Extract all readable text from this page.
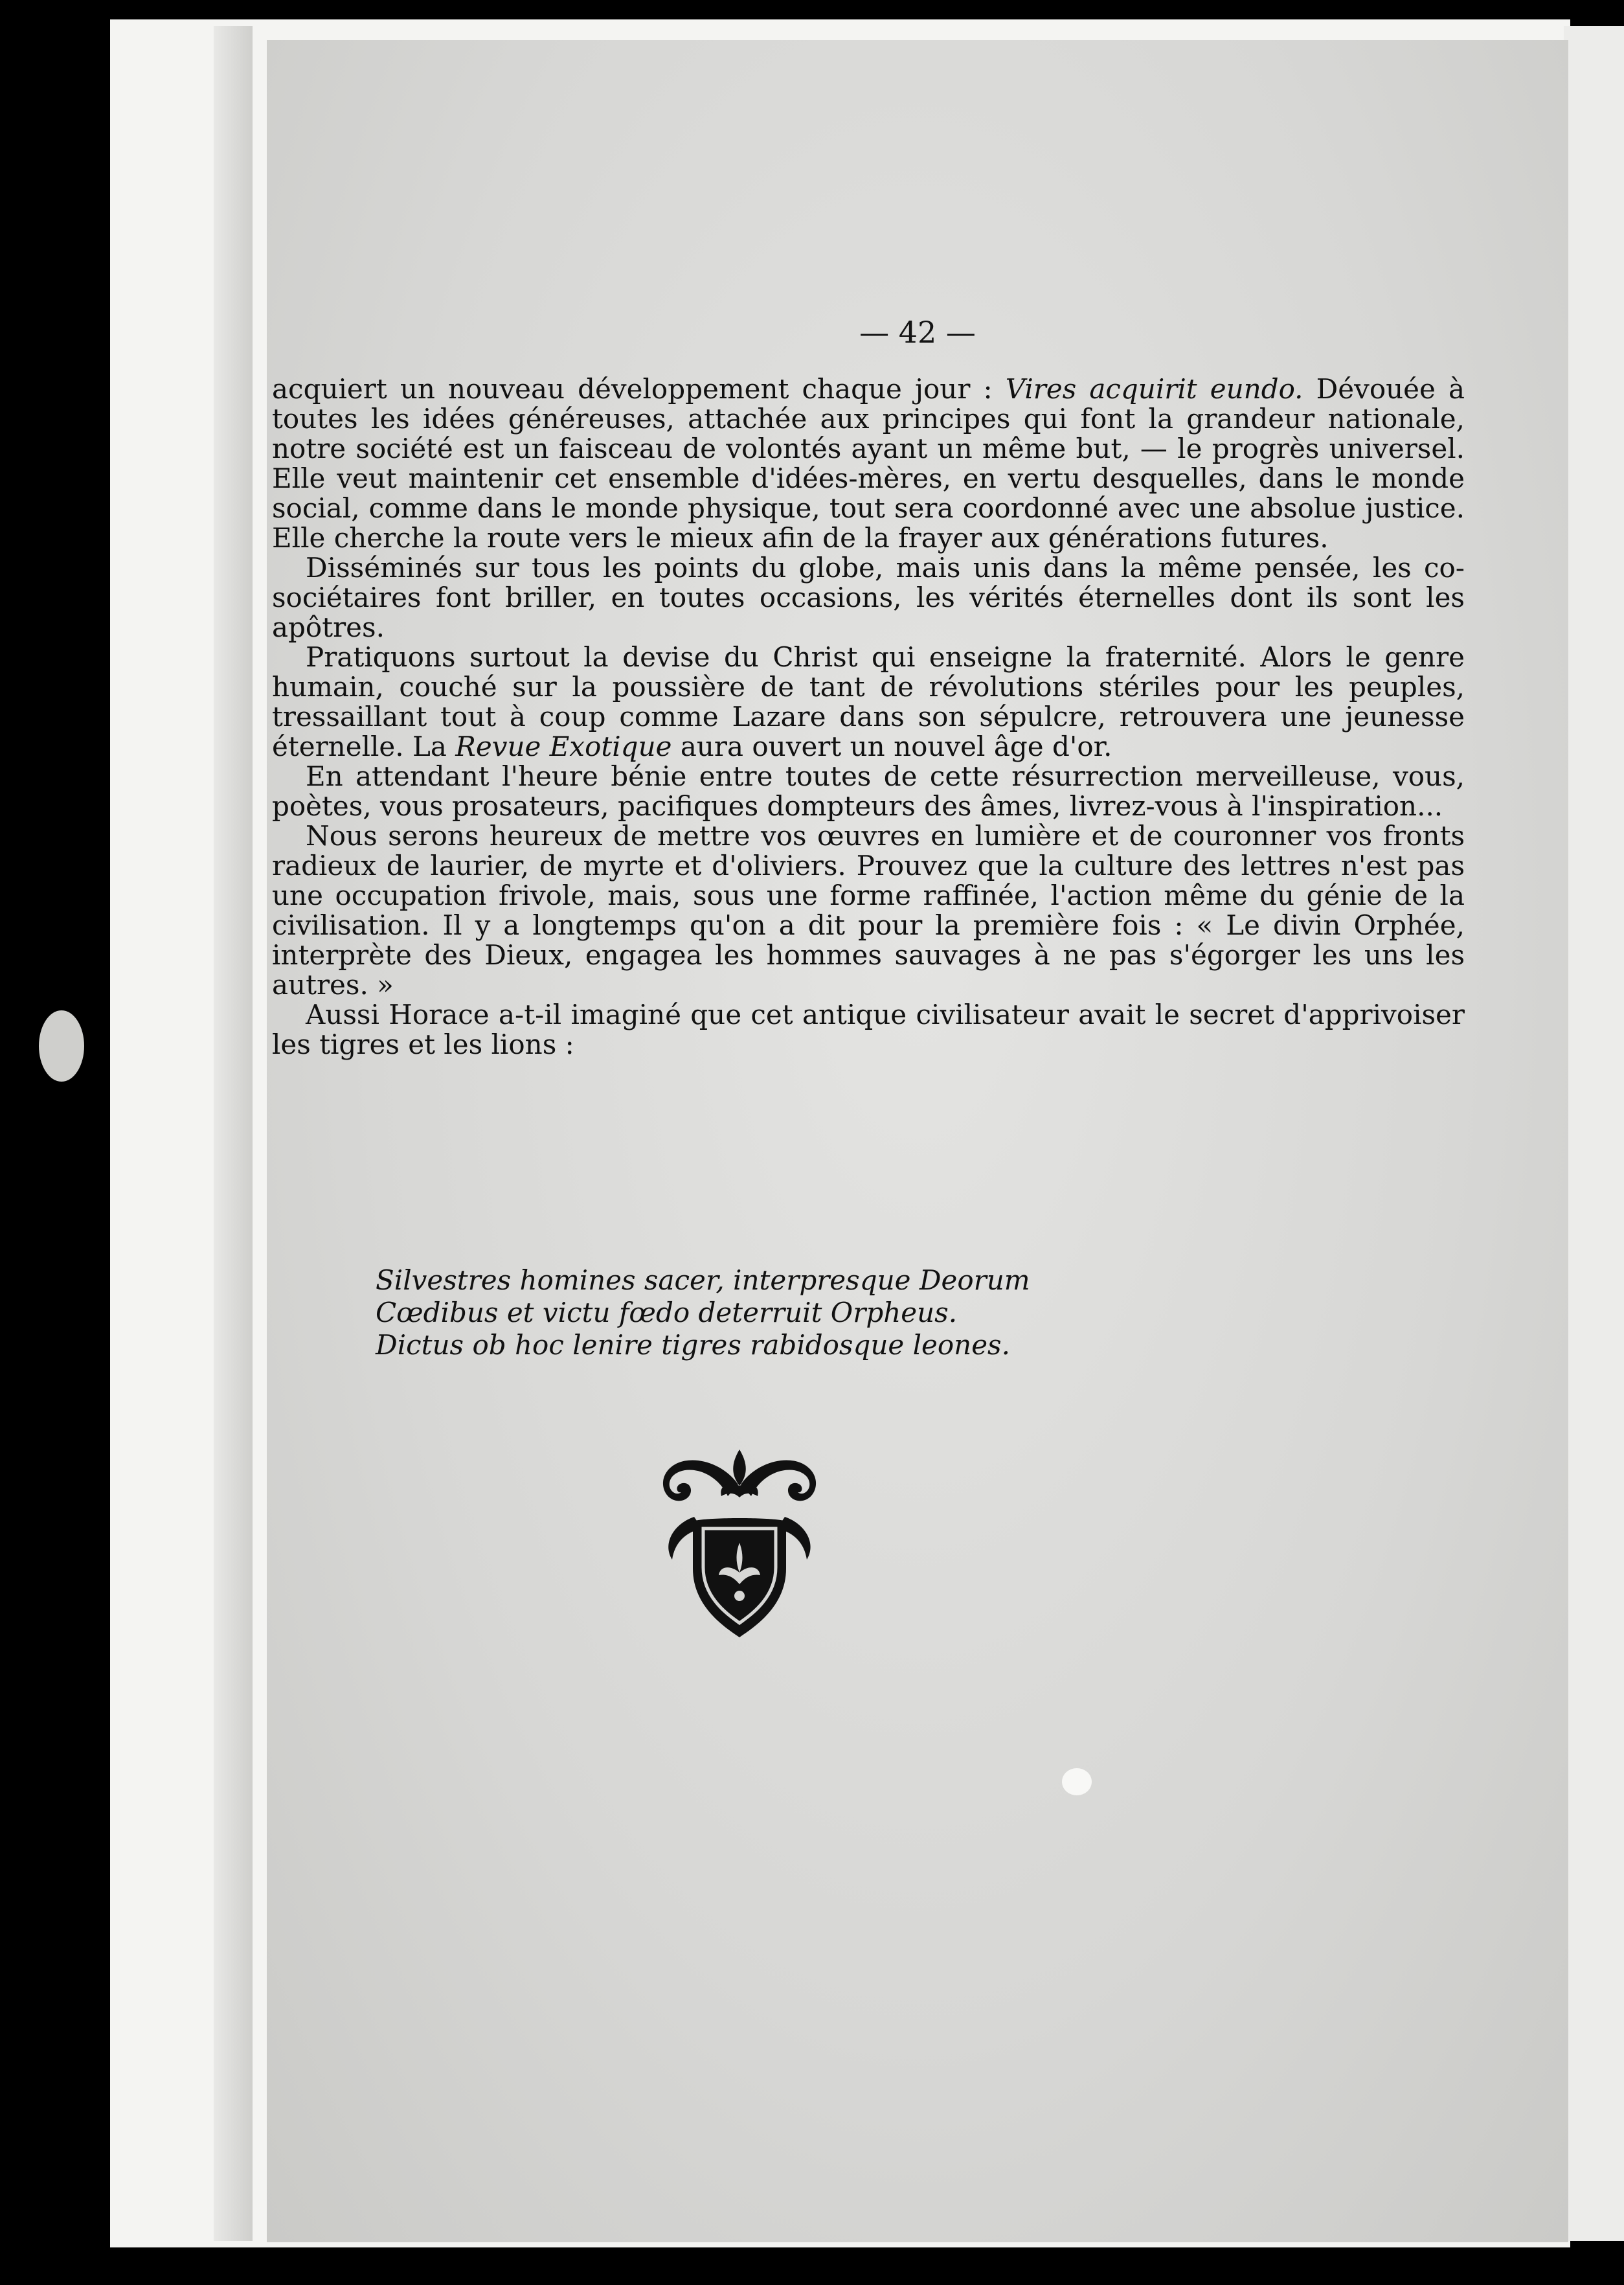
— 42 —

acquiert un nouveau développement chaque jour : Vires acquirit eundo. Dévouée à toutes les idées généreuses, attachée aux principes qui font la grandeur nationale, notre société est un faisceau de volontés ayant un même but, — le progrès universel. Elle veut maintenir cet ensemble d'idées-mères, en vertu desquelles, dans le monde social, comme dans le monde physique, tout sera coordonné avec une absolue justice. Elle cherche la route vers le mieux afin de la frayer aux générations futures.

Disséminés sur tous les points du globe, mais unis dans la même pensée, les co-sociétaires font briller, en toutes occasions, les vérités éternelles dont ils sont les apôtres.

Pratiquons surtout la devise du Christ qui enseigne la fraternité. Alors le genre humain, couché sur la poussière de tant de révolutions stériles pour les peuples, tressaillant tout à coup comme Lazare dans son sépulcre, retrouvera une jeunesse éternelle. La Revue Exotique aura ouvert un nouvel âge d'or.

En attendant l'heure bénie entre toutes de cette résurrection merveilleuse, vous, poètes, vous prosateurs, pacifiques dompteurs des âmes, livrez-vous à l'inspiration...

Nous serons heureux de mettre vos œuvres en lumière et de couronner vos fronts radieux de laurier, de myrte et d'oliviers. Prouvez que la culture des lettres n'est pas une occupation frivole, mais, sous une forme raffinée, l'action même du génie de la civilisation. Il y a longtemps qu'on a dit pour la première fois : « Le divin Orphée, interprète des Dieux, engagea les hommes sauvages à ne pas s'égorger les uns les autres. »

Aussi Horace a-t-il imaginé que cet antique civilisateur avait le secret d'apprivoiser les tigres et les lions :

Silvestres homines sacer, interpresque Deorum
Cœdibus et victu fœdo deterruit Orpheus.
Dictus ob hoc lenire tigres rabidosque leones.
